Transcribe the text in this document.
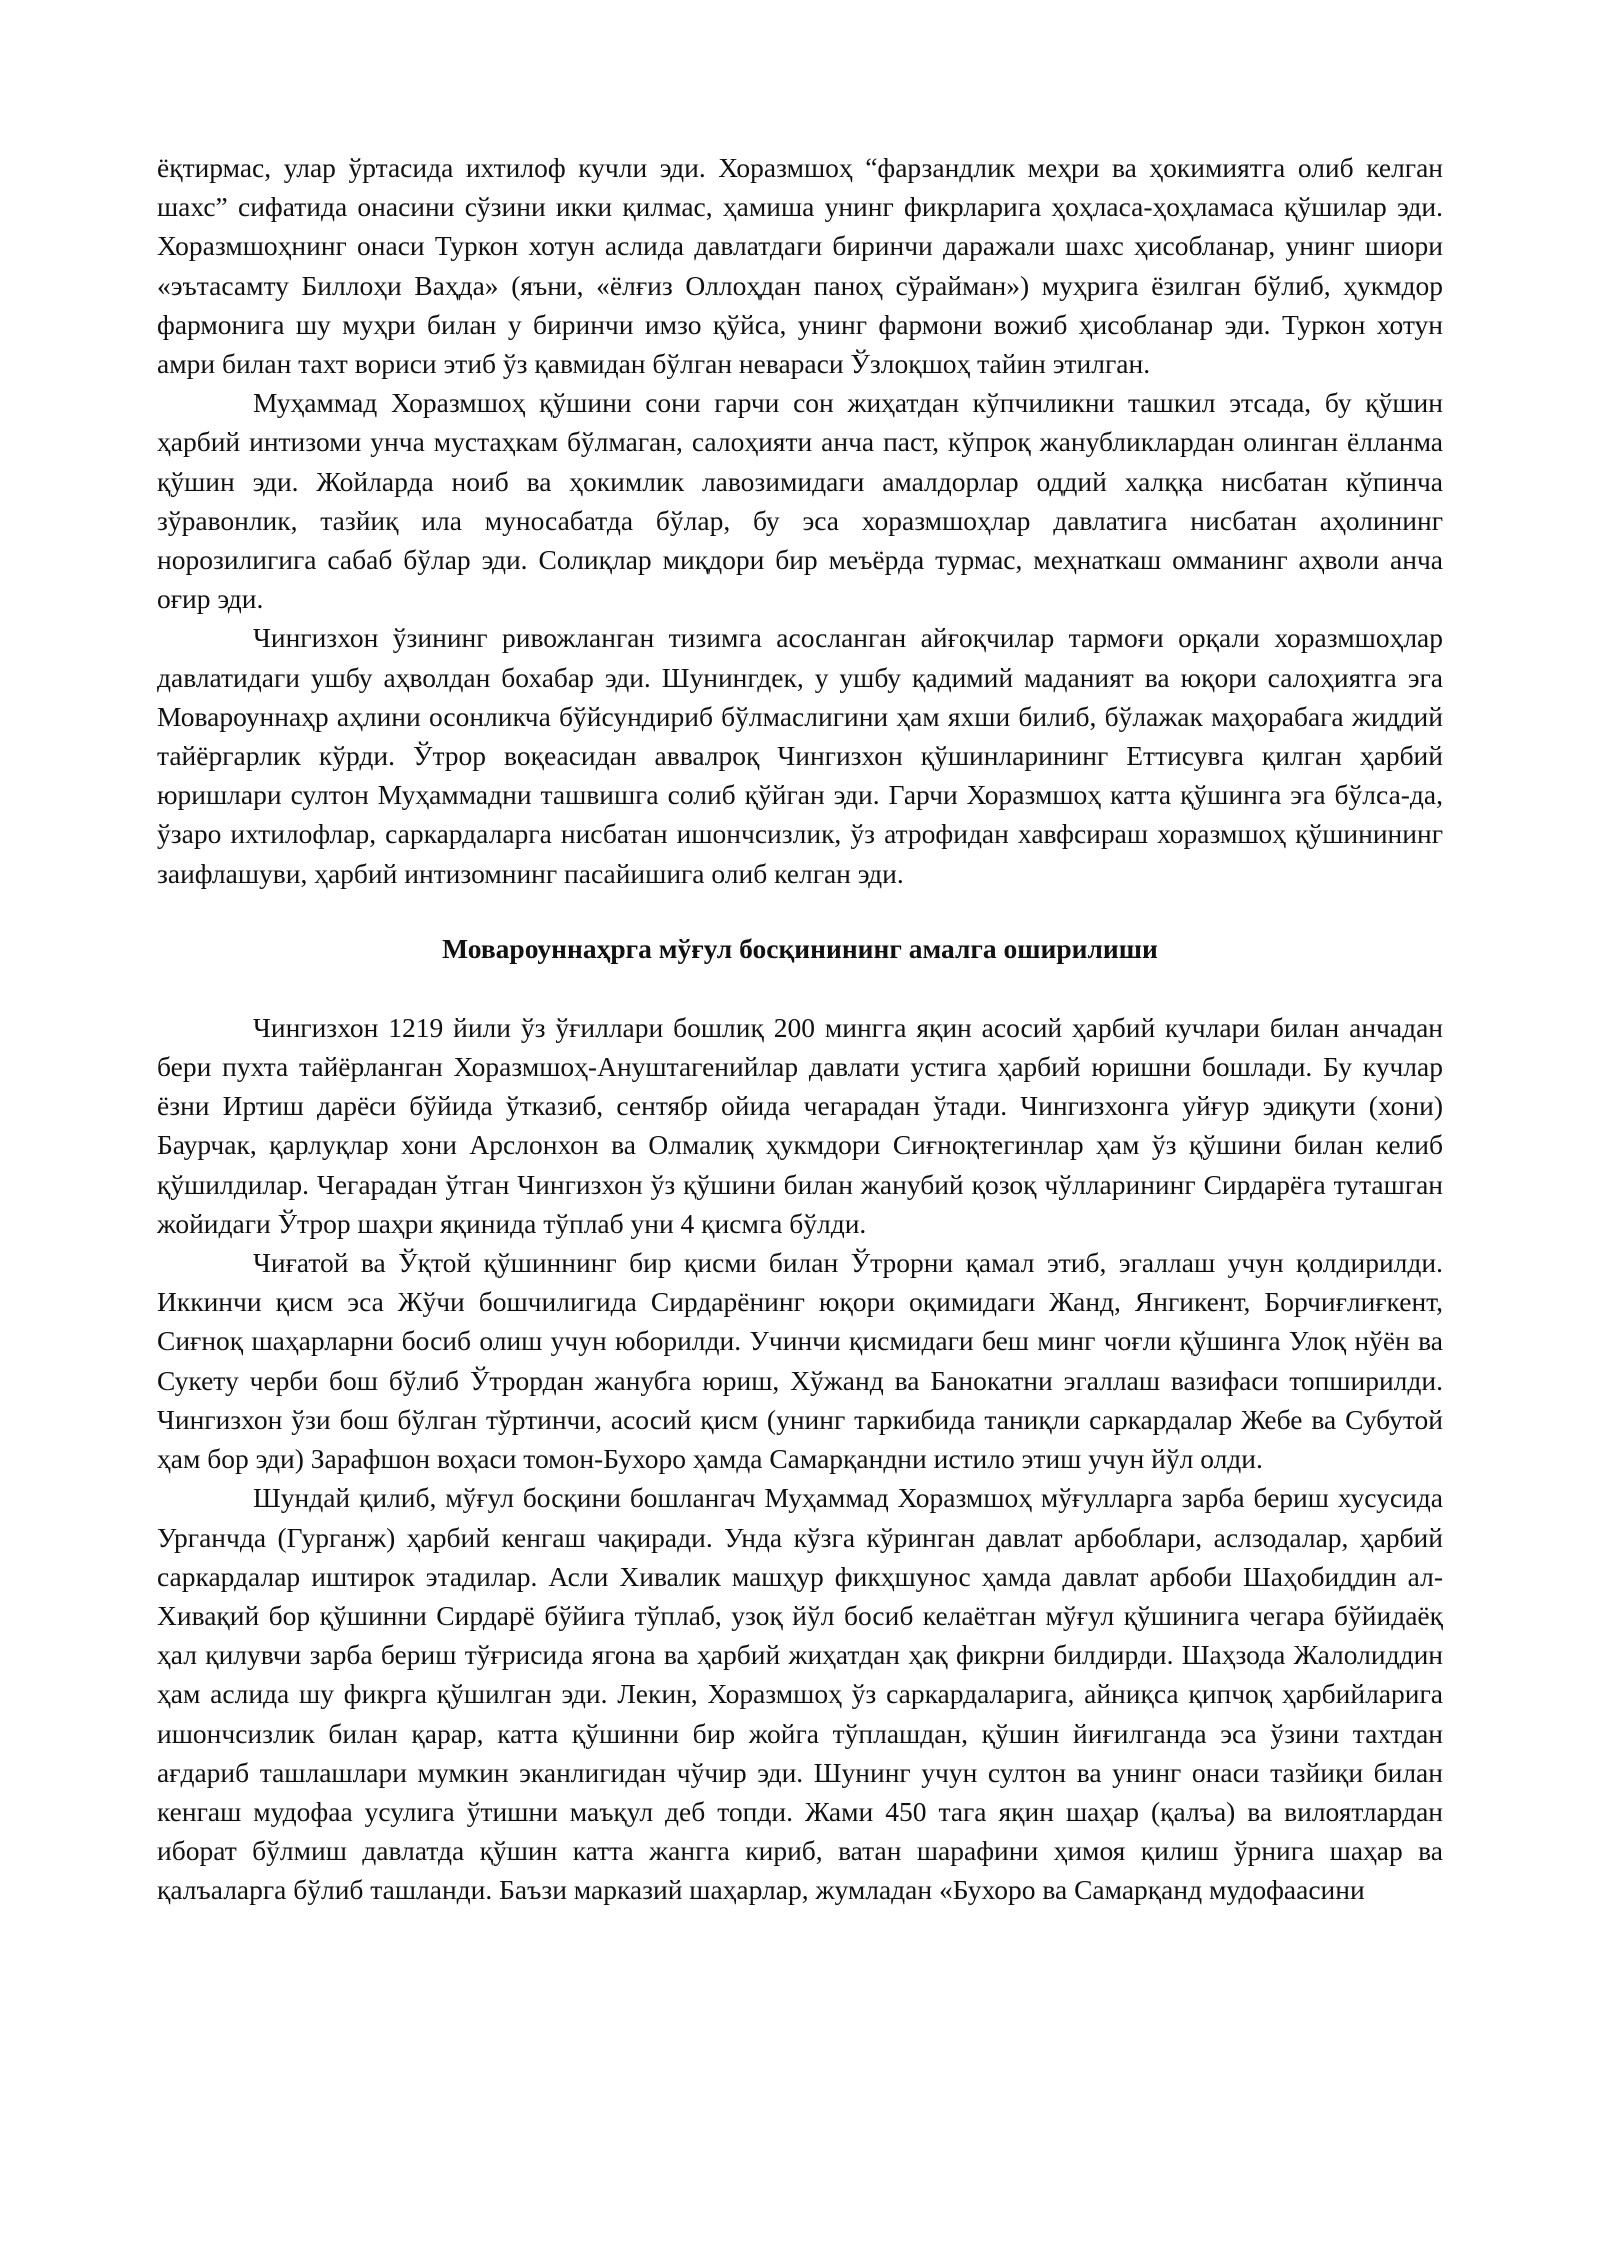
ёқтирмас, улар ўртасида ихтилоф кучли эди. Хоразмшоҳ “фарзандлик меҳри ва ҳокимиятга олиб келган шахс” сифатида онасини сўзини икки қилмас, ҳамиша унинг фикрларига ҳоҳласа-ҳоҳламаса қўшилар эди. Хоразмшоҳнинг онаси Туркон хотун аслида давлатдаги биринчи даражали шахс ҳисобланар, унинг шиори «эътасамту Биллоҳи Ваҳда» (яъни, «ёлғиз Оллоҳдан паноҳ сўрайман») муҳрига ёзилган бўлиб, ҳукмдор фармонига шу муҳри билан у биринчи имзо қўйса, унинг фармони вожиб ҳисобланар эди. Туркон хотун амри билан тахт вориси этиб ўз қавмидан бўлган невараси Ўзлоқшоҳ тайин этилган.

Муҳаммад Хоразмшоҳ қўшини сони гарчи сон жиҳатдан кўпчиликни ташкил этсада, бу қўшин ҳарбий интизоми унча мустаҳкам бўлмаган, салоҳияти анча паст, кўпроқ жанубликлардан олинган ёлланма қўшин эди. Жойларда ноиб ва ҳокимлик лавозимидаги амалдорлар оддий халққа нисбатан кўпинча зўравонлик, тазйиқ ила муносабатда бўлар, бу эса хоразмшоҳлар давлатига нисбатан аҳолининг норозилигига сабаб бўлар эди. Солиқлар миқдори бир меъёрда турмас, меҳнаткаш омманинг аҳволи анча оғир эди.

Чингизхон ўзининг ривожланган тизимга асосланган айғоқчилар тармоғи орқали хоразмшоҳлар давлатидаги ушбу аҳволдан бохабар эди. Шунингдек, у ушбу қадимий маданият ва юқори салоҳиятга эга Мовароуннаҳр аҳлини осонликча бўйсундириб бўлмаслигини ҳам яхши билиб, бўлажак маҳорабага жиддий тайёргарлик кўрди. Ўтрор воқеасидан аввалроқ Чингизхон қўшинларининг Еттисувга қилган ҳарбий юришлари султон Муҳаммадни ташвишга солиб қўйган эди. Гарчи Хоразмшоҳ катта қўшинга эга бўлса-да, ўзаро ихтилофлар, саркардаларга нисбатан ишончсизлик, ўз атрофидан хавфсираш хоразмшоҳ қўшинининг заифлашуви, ҳарбий интизомнинг пасайишига олиб келган эди.

Мовароуннаҳрга мўғул босқинининг амалга оширилиши

Чингизхон 1219 йили ўз ўғиллари бошлиқ 200 мингга яқин асосий ҳарбий кучлари билан анчадан бери пухта тайёрланган Хоразмшоҳ-Ануштагенийлар давлати устига ҳарбий юришни бошлади. Бу кучлар ёзни Иртиш дарёси бўйида ўтказиб, сентябр ойида чегарадан ўтади. Чингизхонга уйғур эдиқути (хони) Баурчак, қарлуқлар хони Арслонхон ва Олмалиқ ҳукмдори Сиғноқтегинлар ҳам ўз қўшини билан келиб қўшилдилар. Чегарадан ўтган Чингизхон ўз қўшини билан жанубий қозоқ чўлларининг Сирдарёга туташган жойидаги Ўтрор шаҳри яқинида тўплаб уни 4 қисмга бўлди.

Чиғатой ва Ўқтой қўшиннинг бир қисми билан Ўтрорни қамал этиб, эгаллаш учун қолдирилди. Иккинчи қисм эса Жўчи бошчилигида Сирдарёнинг юқори оқимидаги Жанд, Янгикент, Борчиғлиғкент, Сиғноқ шаҳарларни босиб олиш учун юборилди. Учинчи қисмидаги беш минг чоғли қўшинга Улоқ нўён ва Сукету черби бош бўлиб Ўтрордан жанубга юриш, Хўжанд ва Банокатни эгаллаш вазифаси топширилди. Чингизхон ўзи бош бўлган тўртинчи, асосий қисм (унинг таркибида таниқли саркардалар Жебе ва Субутой ҳам бор эди) Зарафшон воҳаси томон-Бухоро ҳамда Самарқандни истило этиш учун йўл олди.

Шундай қилиб, мўғул босқини бошлангач Муҳаммад Хоразмшоҳ мўғулларга зарба бериш хусусида Урганчда (Гурганж) ҳарбий кенгаш чақиради. Унда кўзга кўринган давлат арбоблари, аслзодалар, ҳарбий саркардалар иштирок этадилар. Асли Хивалик машҳур фикҳшунос ҳамда давлат арбоби Шаҳобиддин ал-Хивақий бор қўшинни Сирдарё бўйига тўплаб, узоқ йўл босиб келаётган мўғул қўшинига чегара бўйидаёқ ҳал қилувчи зарба бериш тўғрисида ягона ва ҳарбий жиҳатдан ҳақ фикрни билдирди. Шаҳзода Жалолиддин ҳам аслида шу фикрга қўшилган эди. Лекин, Хоразмшоҳ ўз саркардаларига, айниқса қипчоқ ҳарбийларига ишончсизлик билан қарар, катта қўшинни бир жойга тўплашдан, қўшин йиғилганда эса ўзини тахтдан ағдариб ташлашлари мумкин эканлигидан чўчир эди. Шунинг учун султон ва унинг онаси тазйиқи билан кенгаш мудофаа усулига ўтишни маъқул деб топди. Жами 450 тага яқин шаҳар (қалъа) ва вилоятлардан иборат бўлмиш давлатда қўшин катта жангга кириб, ватан шарафини ҳимоя қилиш ўрнига шаҳар ва қалъаларга бўлиб ташланди. Баъзи марказий шаҳарлар, жумладан «Бухоро ва Самарқанд мудофаасини
